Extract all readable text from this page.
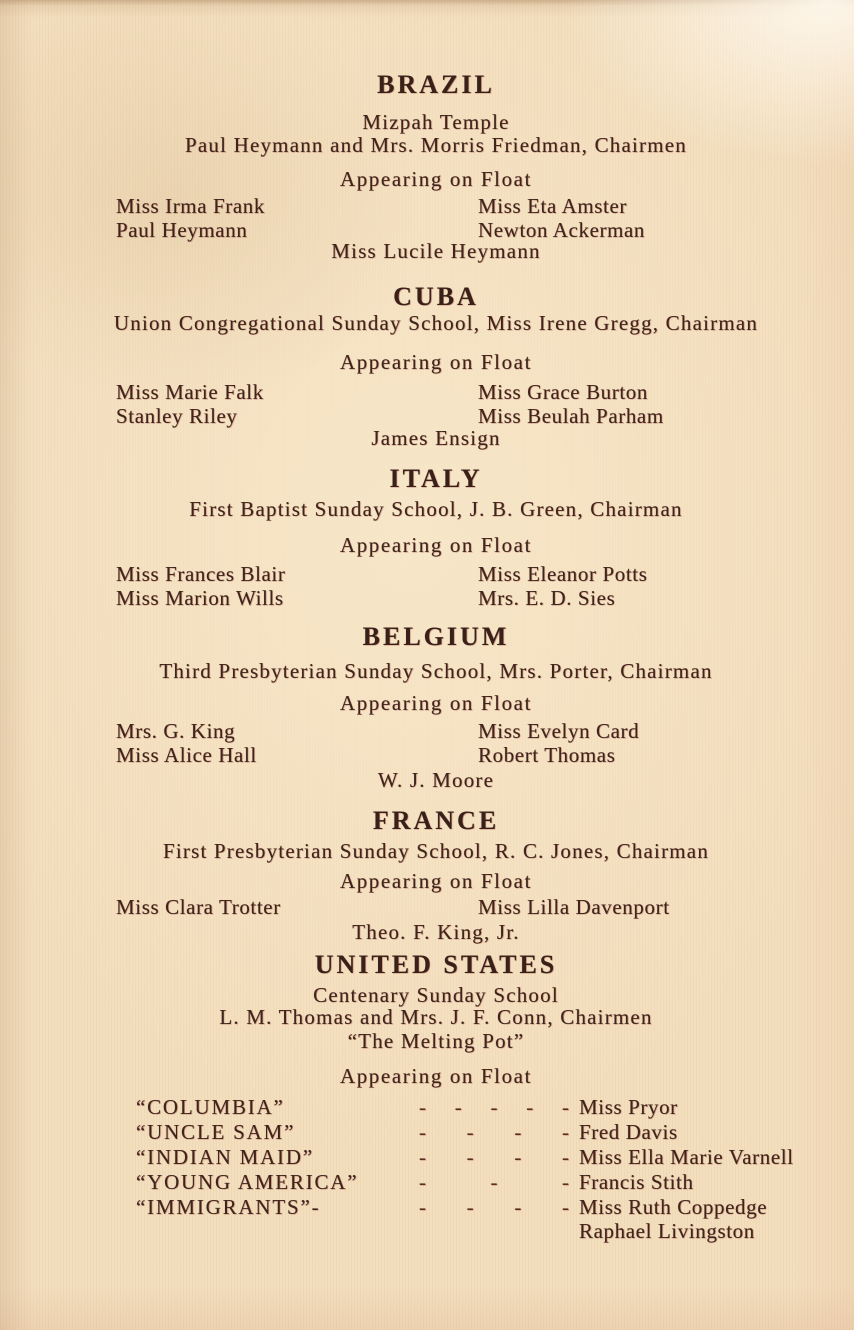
BRAZIL
Mizpah Temple
Paul Heymann and Mrs. Morris Friedman, Chairmen
Appearing on Float
Miss Irma Frank	Miss Eta Amster
Paul Heymann	Newton Ackerman
Miss Lucile Heymann
CUBA
Union Congregational Sunday School, Miss Irene Gregg, Chairman
Appearing on Float
Miss Marie Falk	Miss Grace Burton
Stanley Riley	Miss Beulah Parham
James Ensign
ITALY
First Baptist Sunday School, J. B. Green, Chairman
Appearing on Float
Miss Frances Blair	Miss Eleanor Potts
Miss Marion Wills	Mrs. E. D. Sies
BELGIUM
Third Presbyterian Sunday School, Mrs. Porter, Chairman
Appearing on Float
Mrs. G. King	Miss Evelyn Card
Miss Alice Hall	Robert Thomas
W. J. Moore
FRANCE
First Presbyterian Sunday School, R. C. Jones, Chairman
Appearing on Float
Miss Clara Trotter	Miss Lilla Davenport
Theo. F. King, Jr.
UNITED STATES
Centenary Sunday School
L. M. Thomas and Mrs. J. F. Conn, Chairmen
“The Melting Pot”
Appearing on Float
“COLUMBIA”	- - - - - Miss Pryor
“UNCLE SAM”	- - - - Fred Davis
“INDIAN MAID”	- - - - Miss Ella Marie Varnell
“YOUNG AMERICA”	- - - Francis Stith
“IMMIGRANTS”-	- - - - Miss Ruth Coppedge
Raphael Livingston
